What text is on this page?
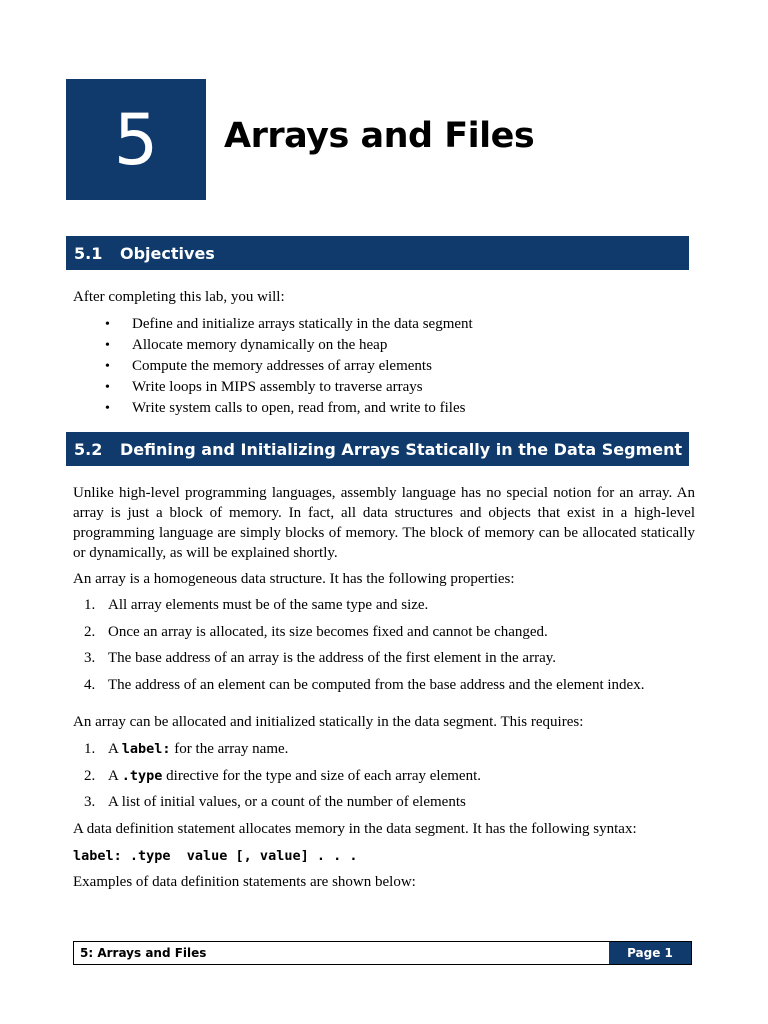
5 Arrays and Files
5.1	Objectives
After completing this lab, you will:
• Define and initialize arrays statically in the data segment
• Allocate memory dynamically on the heap
• Compute the memory addresses of array elements
• Write loops in MIPS assembly to traverse arrays
• Write system calls to open, read from, and write to files
5.2	Defining and Initializing Arrays Statically in the Data Segment
Unlike high-level programming languages, assembly language has no special notion for an array. An array is just a block of memory. In fact, all data structures and objects that exist in a high-level programming language are simply blocks of memory. The block of memory can be allocated statically or dynamically, as will be explained shortly.
An array is a homogeneous data structure. It has the following properties:
1. All array elements must be of the same type and size.
2. Once an array is allocated, its size becomes fixed and cannot be changed.
3. The base address of an array is the address of the first element in the array.
4. The address of an element can be computed from the base address and the element index.
An array can be allocated and initialized statically in the data segment. This requires:
1. A label: for the array name.
2. A .type directive for the type and size of each array element.
3. A list of initial values, or a count of the number of elements
A data definition statement allocates memory in the data segment. It has the following syntax:
label: .type  value [, value] . . .
Examples of data definition statements are shown below:
5: Arrays and Files	Page 1
